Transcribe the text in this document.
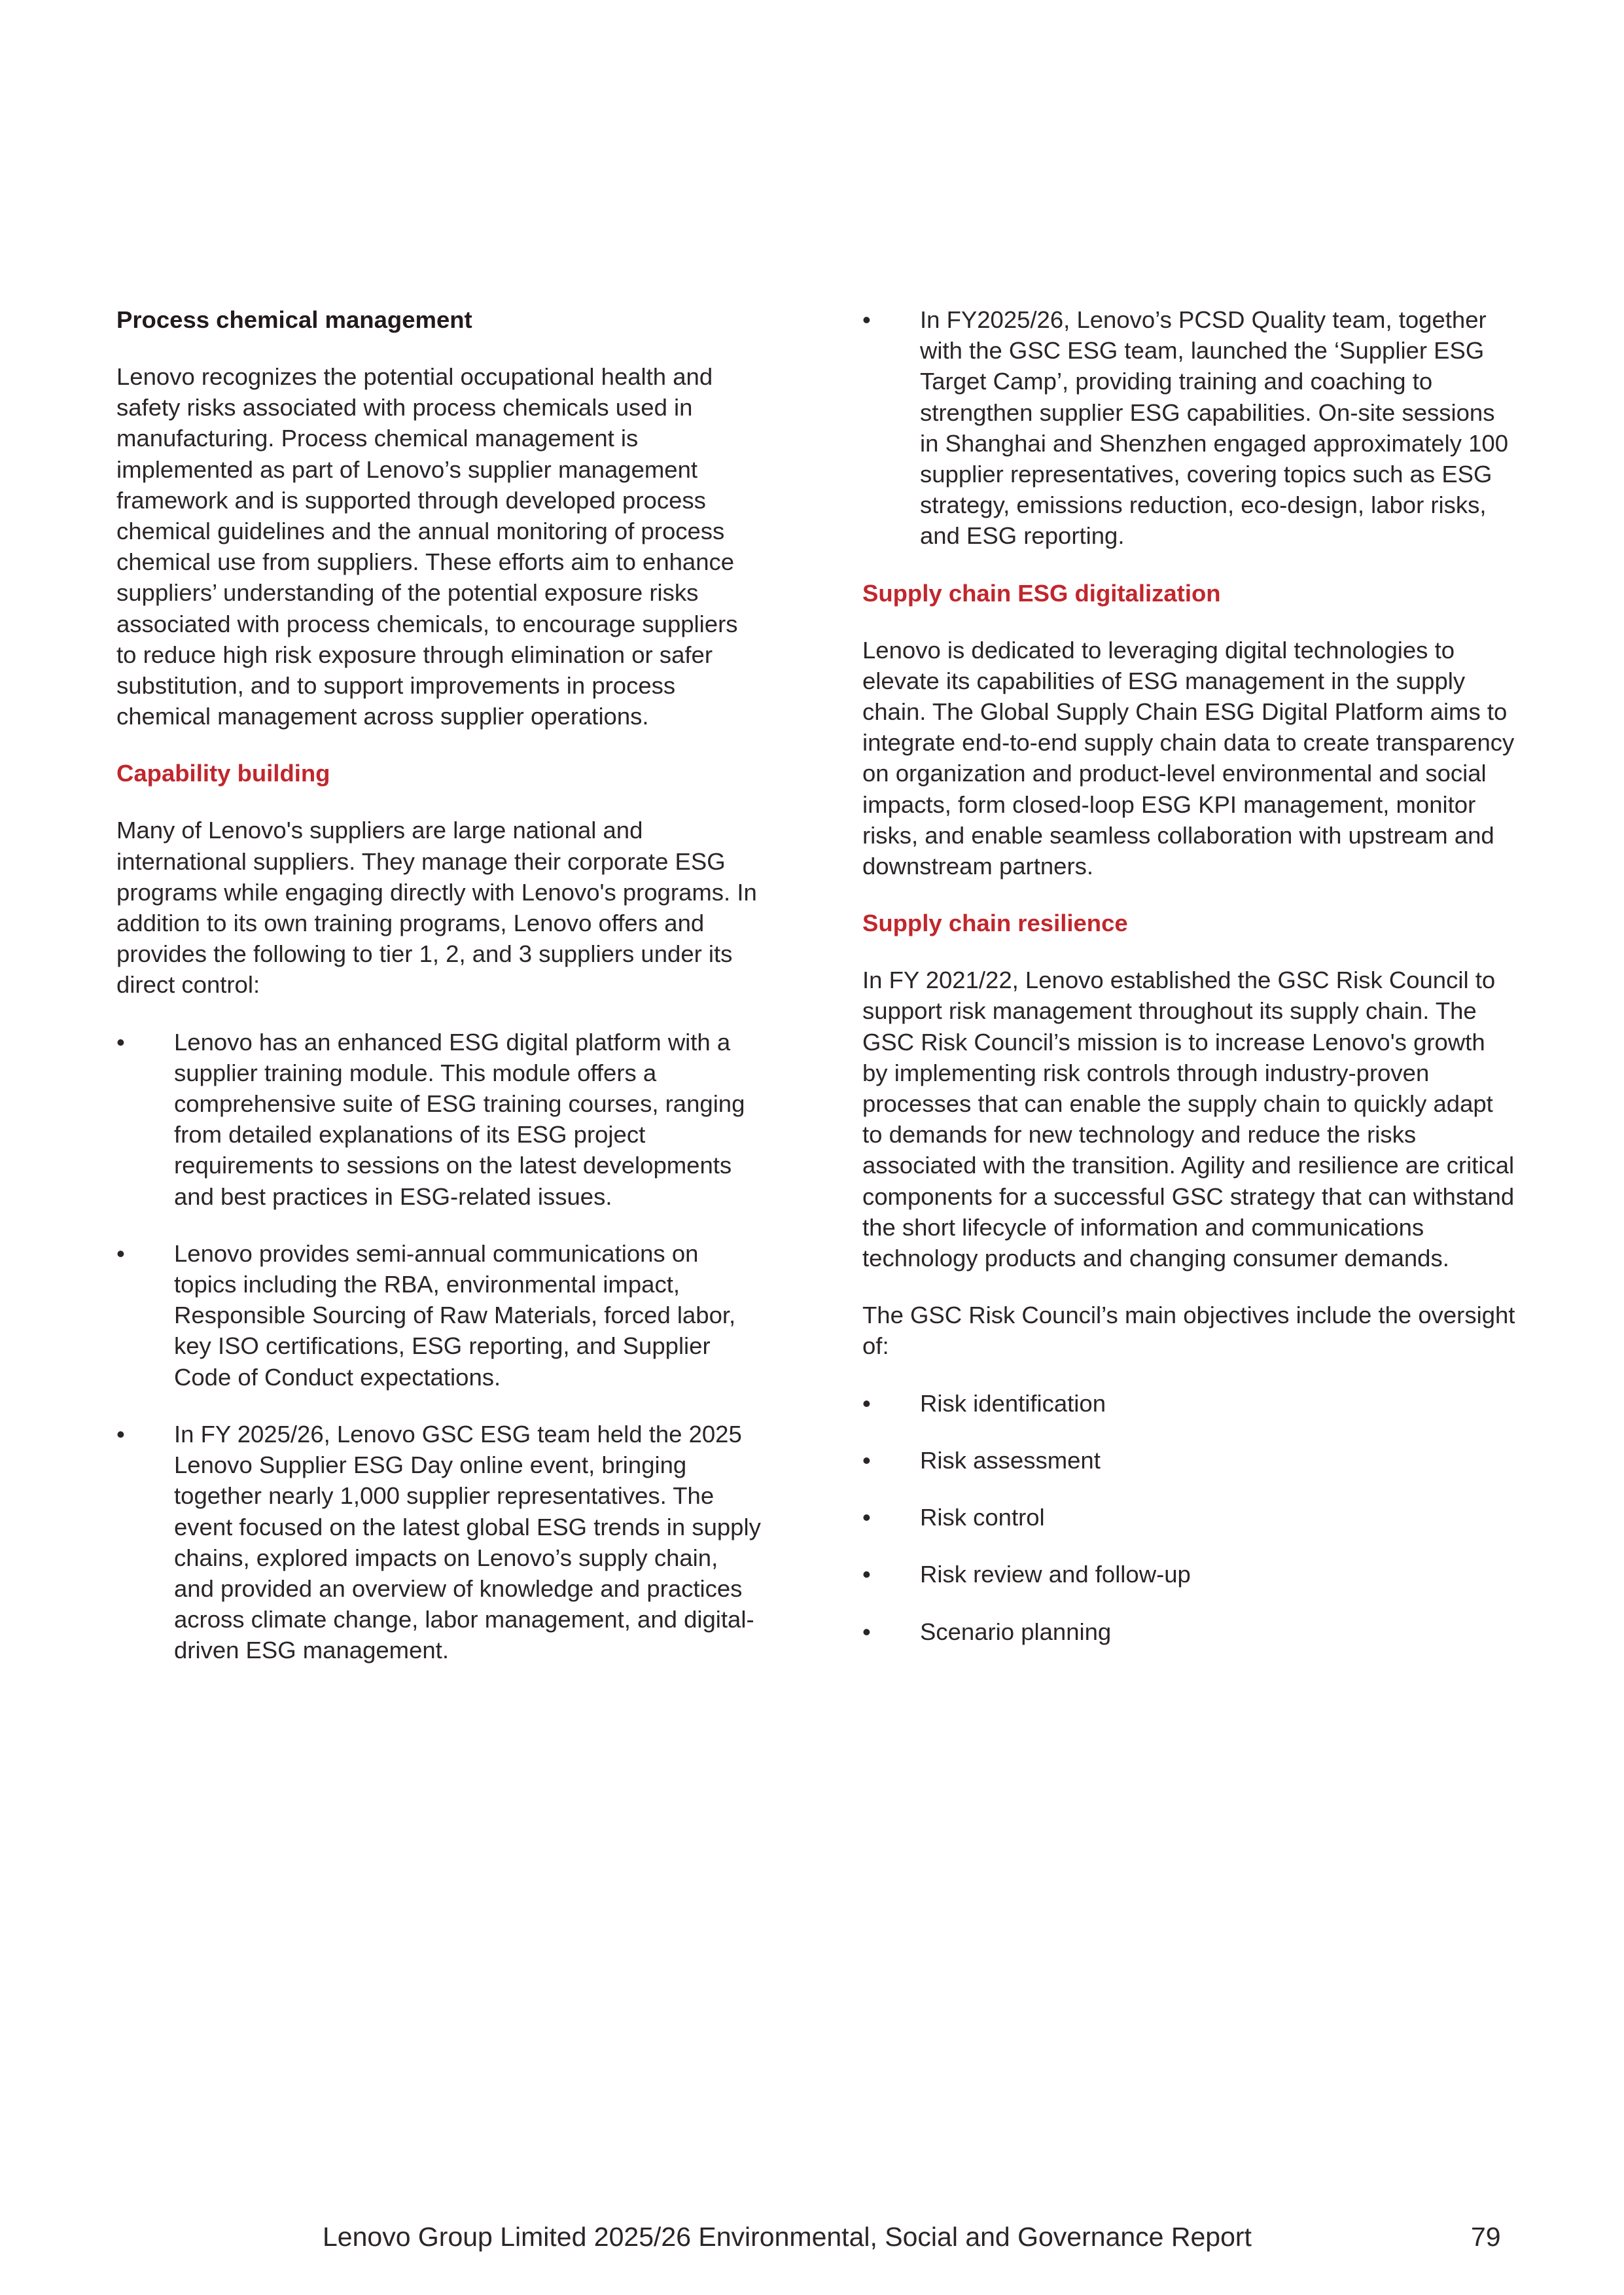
Process chemical management

Lenovo recognizes the potential occupational health and safety risks associated with process chemicals used in manufacturing. Process chemical management is implemented as part of Lenovo’s supplier management framework and is supported through developed process chemical guidelines and the annual monitoring of process chemical use from suppliers. These efforts aim to enhance suppliers’ understanding of the potential exposure risks associated with process chemicals, to encourage suppliers to reduce high risk exposure through elimination or safer substitution, and to support improvements in process chemical management across supplier operations.

Capability building

Many of Lenovo's suppliers are large national and international suppliers. They manage their corporate ESG programs while engaging directly with Lenovo's programs. In addition to its own training programs, Lenovo offers and provides the following to tier 1, 2, and 3 suppliers under its direct control:

• Lenovo has an enhanced ESG digital platform with a supplier training module. This module offers a comprehensive suite of ESG training courses, ranging from detailed explanations of its ESG project requirements to sessions on the latest developments and best practices in ESG-related issues.
• Lenovo provides semi-annual communications on topics including the RBA, environmental impact, Responsible Sourcing of Raw Materials, forced labor, key ISO certifications, ESG reporting, and Supplier Code of Conduct expectations.
• In FY 2025/26, Lenovo GSC ESG team held the 2025 Lenovo Supplier ESG Day online event, bringing together nearly 1,000 supplier representatives. The event focused on the latest global ESG trends in supply chains, explored impacts on Lenovo’s supply chain, and provided an overview of knowledge and practices across climate change, labor management, and digital-driven ESG management.
• In FY2025/26, Lenovo’s PCSD Quality team, together with the GSC ESG team, launched the ‘Supplier ESG Target Camp’, providing training and coaching to strengthen supplier ESG capabilities. On-site sessions in Shanghai and Shenzhen engaged approximately 100 supplier representatives, covering topics such as ESG strategy, emissions reduction, eco-design, labor risks, and ESG reporting.

Supply chain ESG digitalization

Lenovo is dedicated to leveraging digital technologies to elevate its capabilities of ESG management in the supply chain. The Global Supply Chain ESG Digital Platform aims to integrate end-to-end supply chain data to create transparency on organization and product-level environmental and social impacts, form closed-loop ESG KPI management, monitor risks, and enable seamless collaboration with upstream and downstream partners.

Supply chain resilience

In FY 2021/22, Lenovo established the GSC Risk Council to support risk management throughout its supply chain. The GSC Risk Council’s mission is to increase Lenovo's growth by implementing risk controls through industry-proven processes that can enable the supply chain to quickly adapt to demands for new technology and reduce the risks associated with the transition. Agility and resilience are critical components for a successful GSC strategy that can withstand the short lifecycle of information and communications technology products and changing consumer demands.

The GSC Risk Council’s main objectives include the oversight of:

• Risk identification
• Risk assessment
• Risk control
• Risk review and follow-up
• Scenario planning
Lenovo Group Limited 2025/26 Environmental, Social and Governance Report	79
